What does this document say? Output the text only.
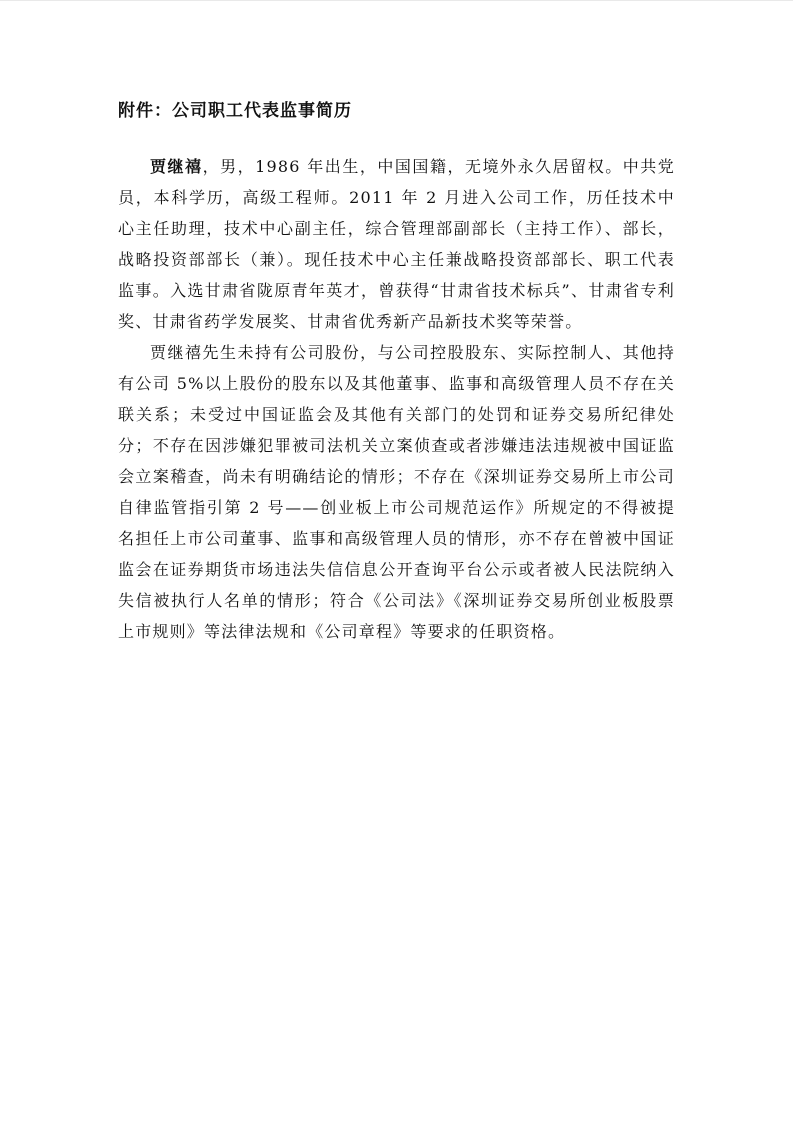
附件：公司职工代表监事简历

贾继禧，男，1986 年出生，中国国籍，无境外永久居留权。中共党员，本科学历，高级工程师。2011 年 2 月进入公司工作，历任技术中心主任助理，技术中心副主任，综合管理部副部长（主持工作）、部长，战略投资部部长（兼）。现任技术中心主任兼战略投资部部长、职工代表监事。入选甘肃省陇原青年英才，曾获得“甘肃省技术标兵”、甘肃省专利奖、甘肃省药学发展奖、甘肃省优秀新产品新技术奖等荣誉。

贾继禧先生未持有公司股份，与公司控股股东、实际控制人、其他持有公司 5%以上股份的股东以及其他董事、监事和高级管理人员不存在关联关系；未受过中国证监会及其他有关部门的处罚和证券交易所纪律处分；不存在因涉嫌犯罪被司法机关立案侦查或者涉嫌违法违规被中国证监会立案稽查，尚未有明确结论的情形；不存在《深圳证券交易所上市公司自律监管指引第 2 号——创业板上市公司规范运作》所规定的不得被提名担任上市公司董事、监事和高级管理人员的情形，亦不存在曾被中国证监会在证券期货市场违法失信信息公开查询平台公示或者被人民法院纳入失信被执行人名单的情形；符合《公司法》《深圳证券交易所创业板股票上市规则》等法律法规和《公司章程》等要求的任职资格。
